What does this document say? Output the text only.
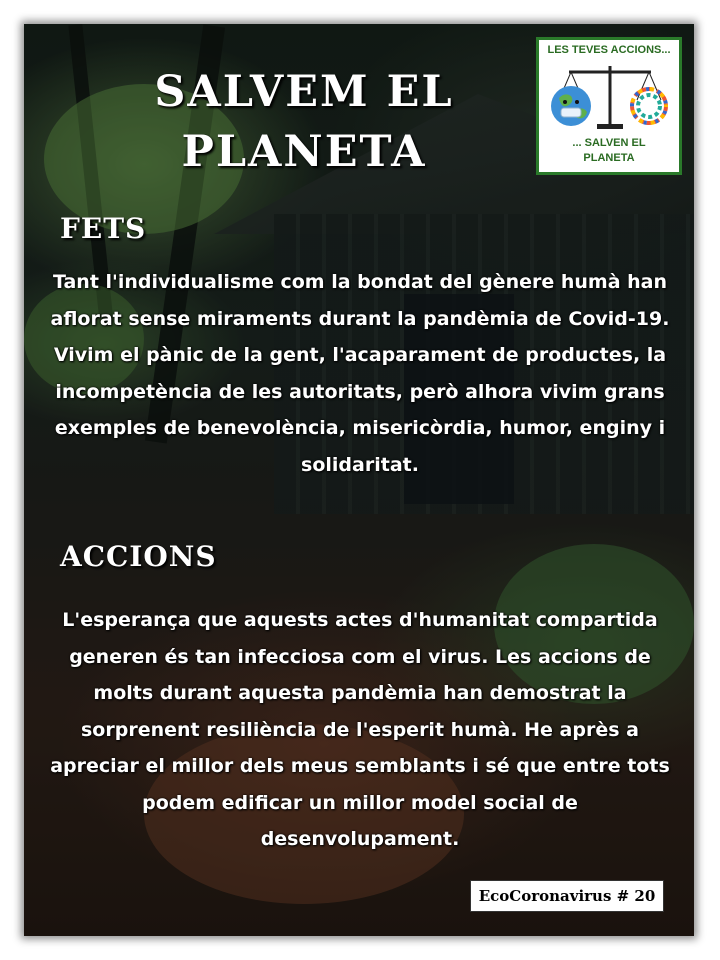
SALVEM EL
PLANETA
LES TEVES ACCIONS...
... SALVEN EL
PLANETA
FETS

Tant l'individualisme com la bondat del gènere humà han aflorat sense miraments durant la pandèmia de Covid-19. Vivim el pànic de la gent, l'acaparament de productes, la incompetència de les autoritats, però alhora vivim grans exemples de benevolència, misericòrdia, humor, enginy i solidaritat.

ACCIONS

L'esperança que aquests actes d'humanitat compartida generen és tan infecciosa com el virus. Les accions de molts durant aquesta pandèmia han demostrat la sorprenent resiliència de l'esperit humà. He après a apreciar el millor dels meus semblants i sé que entre tots podem edificar un millor model social de desenvolupament.

EcoCoronavirus # 20
